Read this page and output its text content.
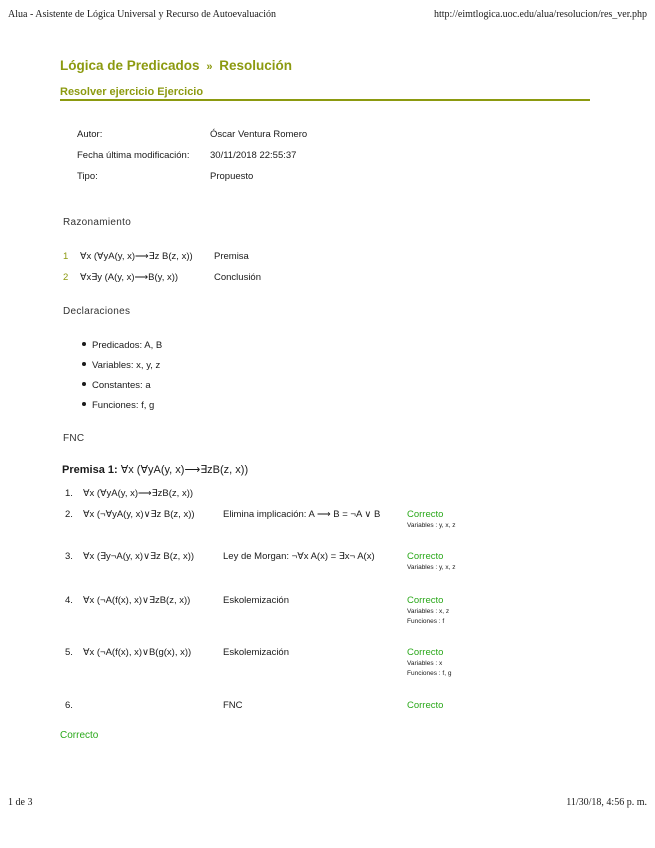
Alua - Asistente de Lógica Universal y Recurso de Autoevaluación	http://eimtlogica.uoc.edu/alua/resolucion/res_ver.php
Lógica de Predicados » Resolución
Resolver ejercicio Ejercicio
Autor:	Óscar Ventura Romero
Fecha última modificación: 30/11/2018 22:55:37
Tipo:	Propuesto
Razonamiento
1 ∀x (∀yA(y, x)⟶∃z B(z, x)) Premisa
2 ∀x∃y (A(y, x)⟶B(y, x))	Conclusión
Declaraciones
Predicados: A, B
Variables: x, y, z
Constantes: a
Funciones: f, g
FNC
Premisa 1: ∀x (∀yA(y, x)⟶∃zB(z, x))
1. ∀x (∀yA(y, x)⟶∃zB(z, x))
2. ∀x (¬∀yA(y, x)∨∃z B(z, x))	Elimina implicación: A ⟶ B = ¬A ∨ B	Correcto
Variables : y, x, z
3. ∀x (∃y¬A(y, x)∨∃z B(z, x))	Ley de Morgan: ¬∀x A(x) = ∃x¬ A(x)	Correcto
Variables : y, x, z
4. ∀x (¬A(f(x), x)∨∃zB(z, x))	Eskolemización	Correcto
Variables : x, z
Funciones : f
5. ∀x (¬A(f(x), x)∨B(g(x), x))	Eskolemización	Correcto
Variables : x
Funciones : f, g
6.	FNC	Correcto
Correcto
1 de 3	11/30/18, 4:56 p. m.
